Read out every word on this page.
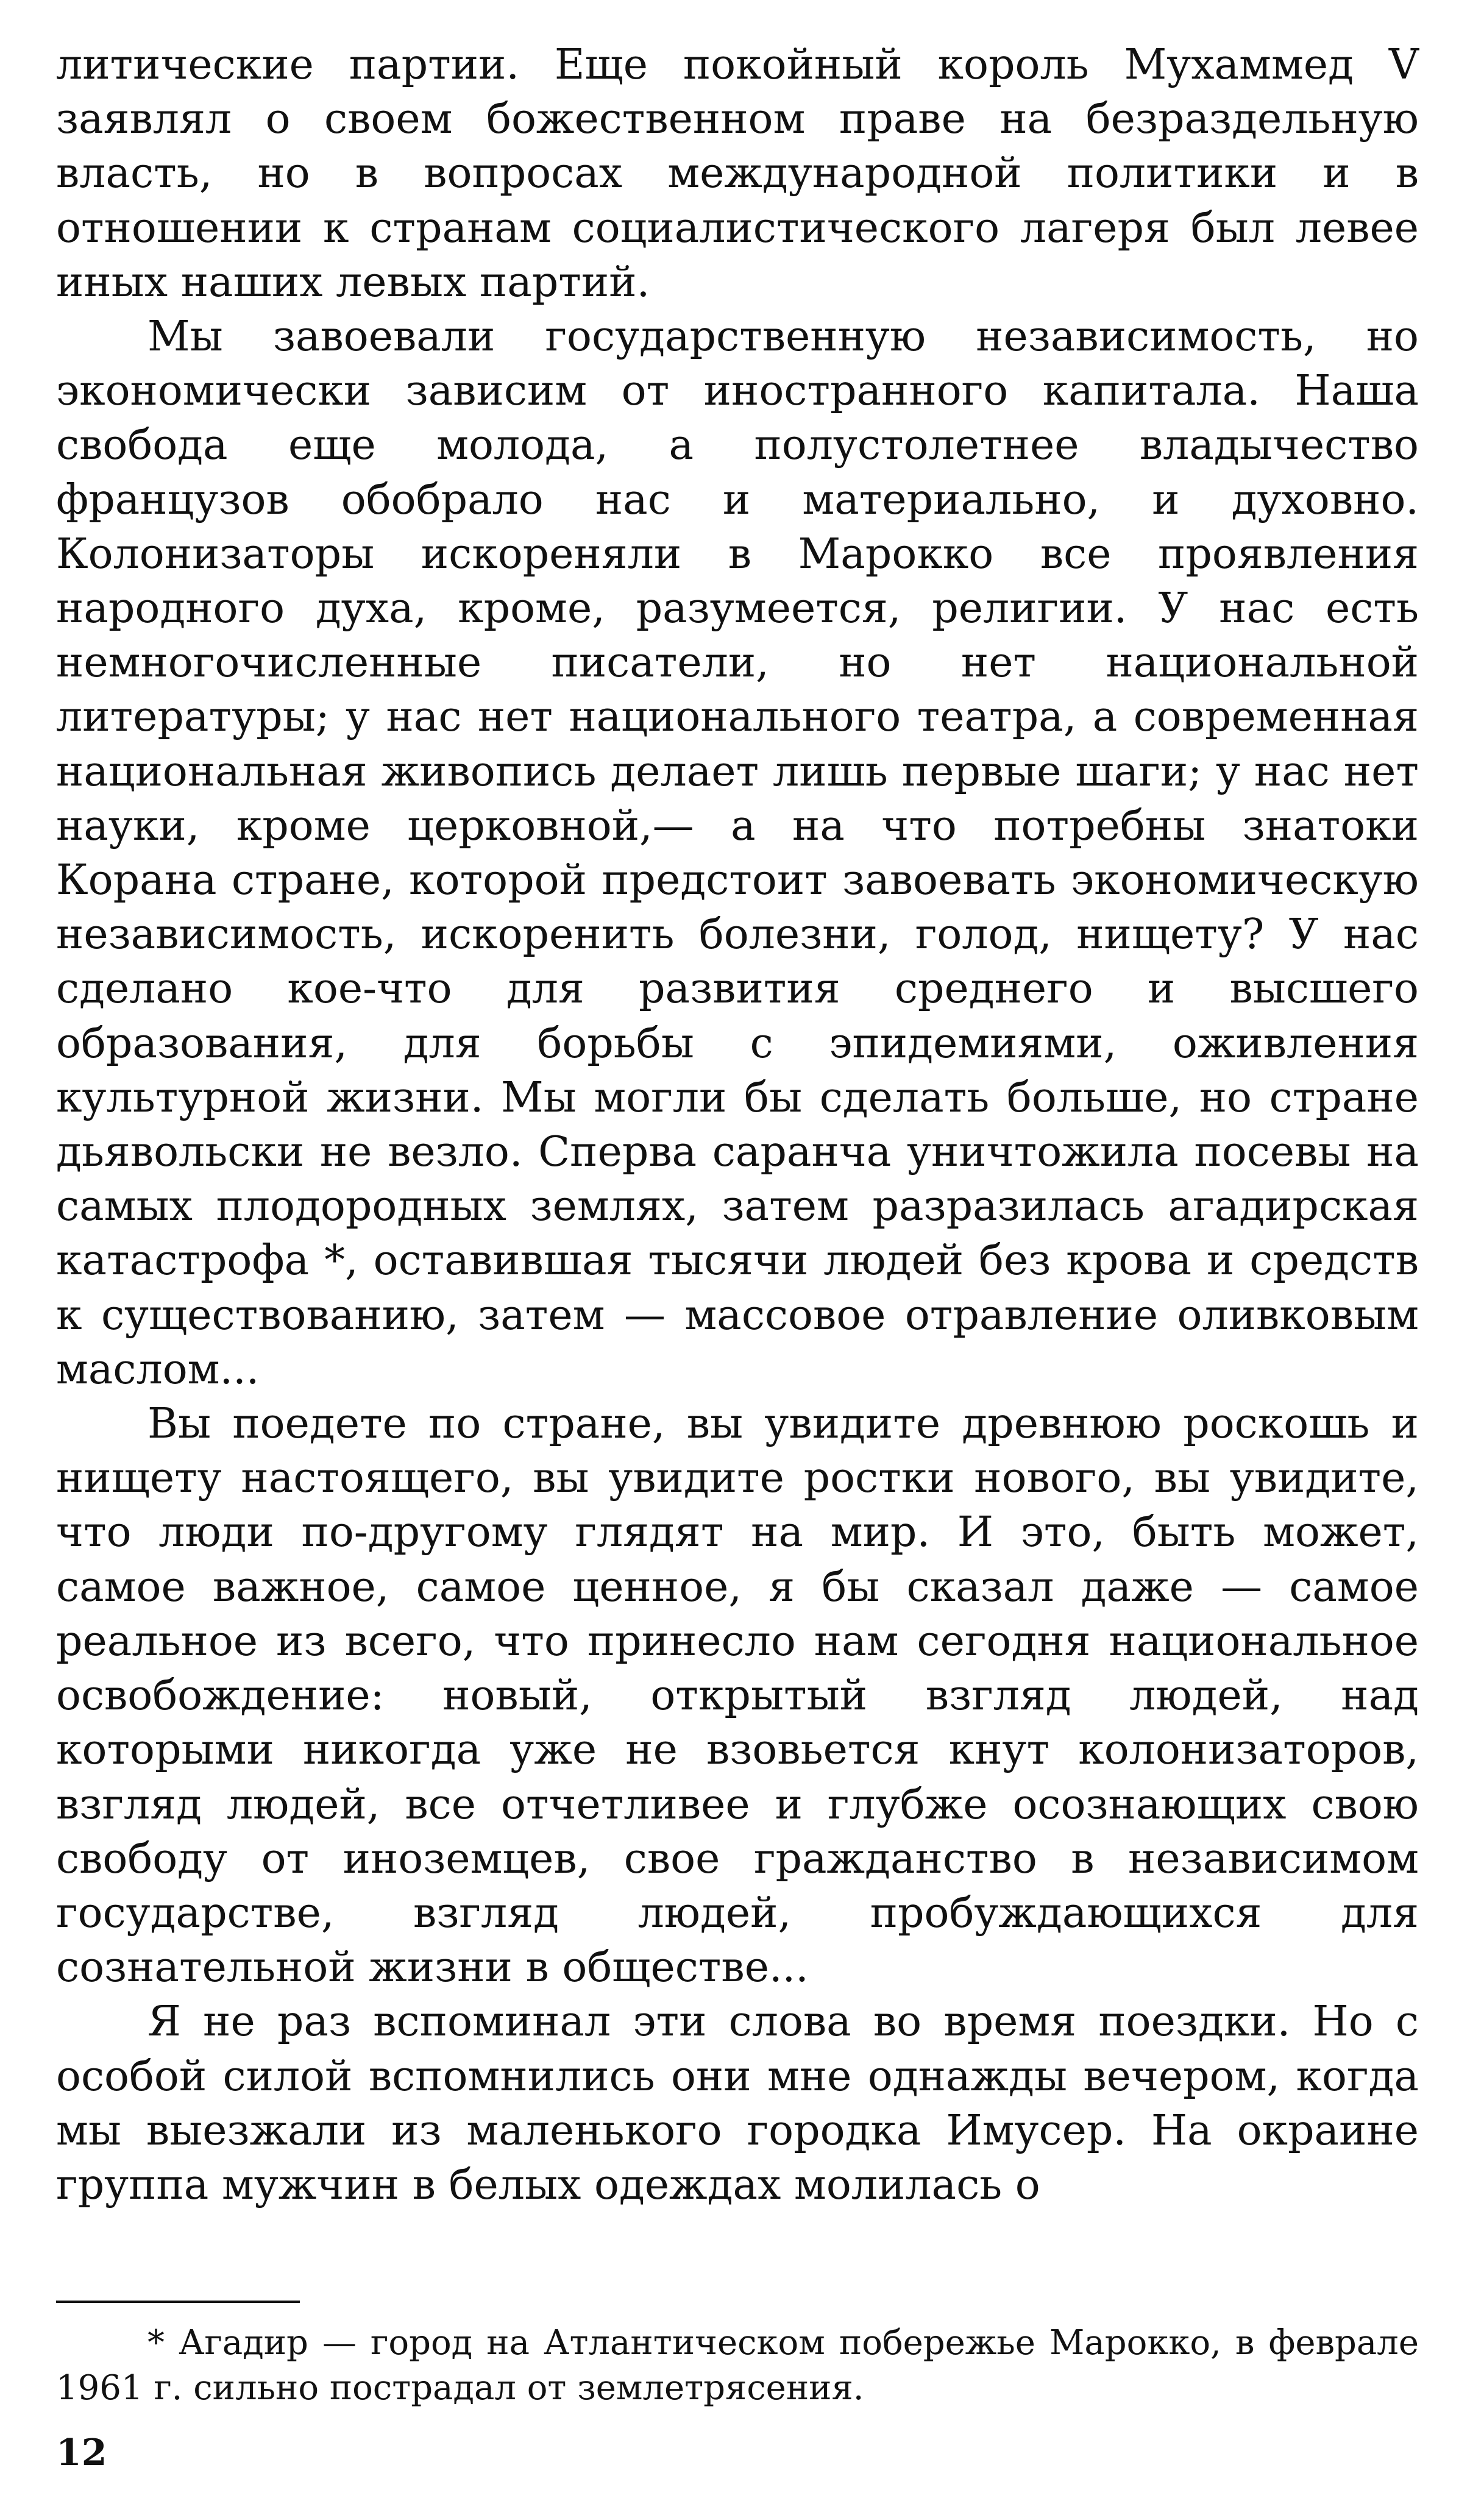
литические партии. Еще покойный король Мухаммед V заявлял о своем божественном праве на безраздельную власть, но в вопросах международной политики и в отношении к странам социалистического лагеря был левее иных наших левых партий.

Мы завоевали государственную независимость, но экономически зависим от иностранного капитала. Наша свобода еще молода, а полустолетнее владычество французов обобрало нас и материально, и духовно. Колонизаторы искореняли в Марокко все проявления народного духа, кроме, разумеется, религии. У нас есть немногочисленные писатели, но нет национальной литературы; у нас нет национального театра, а современная национальная живопись делает лишь первые шаги; у нас нет науки, кроме церковной,— а на что потребны знатоки Корана стране, которой предстоит завоевать экономическую независимость, искоренить болезни, голод, нищету? У нас сделано кое-что для развития среднего и высшего образования, для борьбы с эпидемиями, оживления культурной жизни. Мы могли бы сделать больше, но стране дьявольски не везло. Сперва саранча уничтожила посевы на самых плодородных землях, затем разразилась агадирская катастрофа *, оставившая тысячи людей без крова и средств к существованию, затем — массовое отравление оливковым маслом...

Вы поедете по стране, вы увидите древнюю роскошь и нищету настоящего, вы увидите ростки нового, вы увидите, что люди по-другому глядят на мир. И это, быть может, самое важное, самое ценное, я бы сказал даже — самое реальное из всего, что принесло нам сегодня национальное освобождение: новый, открытый взгляд людей, над которыми никогда уже не взовьется кнут колонизаторов, взгляд людей, все отчетливее и глубже осознающих свою свободу от иноземцев, свое гражданство в независимом государстве, взгляд людей, пробуждающихся для сознательной жизни в обществе...

Я не раз вспоминал эти слова во время поездки. Но с особой силой вспомнились они мне однажды вечером, когда мы выезжали из маленького городка Имусер. На окраине группа мужчин в белых одеждах молилась о

* Агадир — город на Атлантическом побережье Марокко, в феврале 1961 г. сильно пострадал от землетрясения.

12
